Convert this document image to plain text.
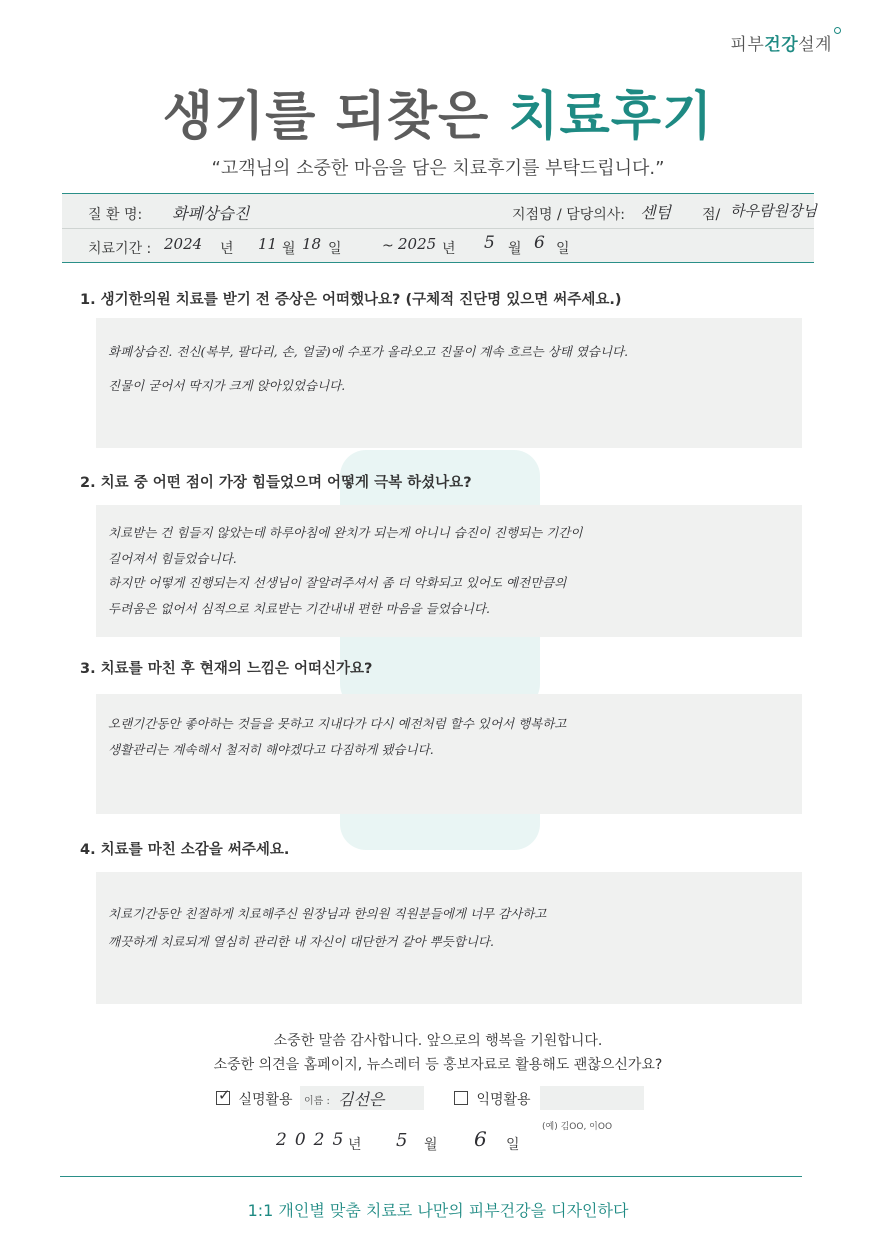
피부건강설계
생기를 되찾은 치료후기
“고객님의 소중한 마음을 담은 치료후기를 부탁드립니다.”
질 환 명: 화폐상습진	지점명 / 담당의사: 센텀 점/ 하우람원장님
치료기간 : 2024 년 11 월 18 일	~ 2025 년 5 월 6 일
1. 생기한의원 치료를 받기 전 증상은 어떠했나요? (구체적 진단명 있으면 써주세요.)
화폐상습진. 전신(복부, 팔다리, 손, 얼굴)에 수포가 올라오고 진물이 계속 흐르는 상태 였습니다.
진물이 굳어서 딱지가 크게 앉아있었습니다.
2. 치료 중 어떤 점이 가장 힘들었으며 어떻게 극복 하셨나요?
치료받는 건 힘들지 않았는데 하루아침에 완치가 되는게 아니니 습진이 진행되는 기간이
길어져서 힘들었습니다.
하지만 어떻게 진행되는지 선생님이 잘알려주셔서 좀 더 악화되고 있어도 예전만큼의
두려움은 없어서 심적으로 치료받는 기간내내 편한 마음을 들었습니다.
3. 치료를 마친 후 현재의 느낌은 어떠신가요?
오랜기간동안 좋아하는 것들을 못하고 지내다가 다시 예전처럼 할수 있어서 행복하고
생활관리는 계속해서 철저히 해야겠다고 다짐하게 됐습니다.
4. 치료를 마친 소감을 써주세요.
치료기간동안 친절하게 치료해주신 원장님과 한의원 직원분들에게 너무 감사하고
깨끗하게 치료되게 열심히 관리한 내 자신이 대단한거 같아 뿌듯합니다.
소중한 말씀 감사합니다. 앞으로의 행복을 기원합니다.
소중한 의견을 홈페이지, 뉴스레터 등 홍보자료로 활용해도 괜찮으신가요?
✓ 실명활용 이름 : 김선은	익명활용
(예) 김OO, 이OO
2025
년 5 월 6 일
1:1 개인별 맞춤 치료로 나만의 피부건강을 디자인하다
